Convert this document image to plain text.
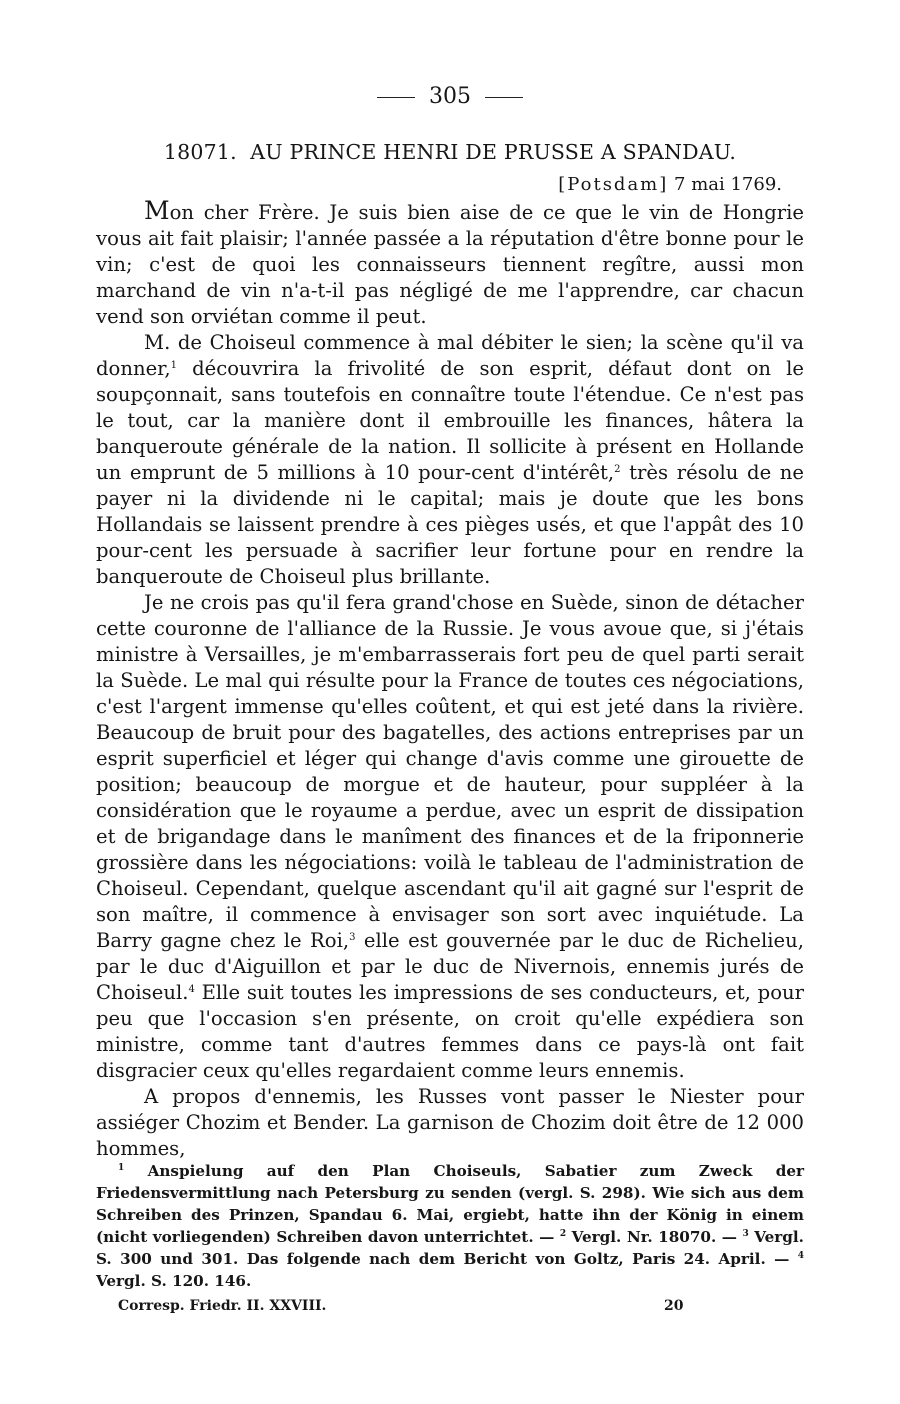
305
18071. AU PRINCE HENRI DE PRUSSE A SPANDAU.
[Potsdam] 7 mai 1769.

Mon cher Frère. Je suis bien aise de ce que le vin de Hongrie vous ait fait plaisir; l'année passée a la réputation d'être bonne pour le vin; c'est de quoi les connaisseurs tiennent regître, aussi mon marchand de vin n'a-t-il pas négligé de me l'apprendre, car chacun vend son orviétan comme il peut.

M. de Choiseul commence à mal débiter le sien; la scène qu'il va donner,$^1$ découvrira la frivolité de son esprit, défaut dont on le soupçonnait, sans toutefois en connaître toute l'étendue. Ce n'est pas le tout, car la manière dont il embrouille les finances, hâtera la banqueroute générale de la nation. Il sollicite à présent en Hollande un emprunt de 5 millions à 10 pour-cent d'intérêt,$^2$ très résolu de ne payer ni la dividende ni le capital; mais je doute que les bons Hollandais se laissent prendre à ces pièges usés, et que l'appât des 10 pour-cent les persuade à sacrifier leur fortune pour en rendre la banqueroute de Choiseul plus brillante.

Je ne crois pas qu'il fera grand'chose en Suède, sinon de détacher cette couronne de l'alliance de la Russie. Je vous avoue que, si j'étais ministre à Versailles, je m'embarrasserais fort peu de quel parti serait la Suède. Le mal qui résulte pour la France de toutes ces négociations, c'est l'argent immense qu'elles coûtent, et qui est jeté dans la rivière. Beaucoup de bruit pour des bagatelles, des actions entreprises par un esprit superficiel et léger qui change d'avis comme une girouette de position; beaucoup de morgue et de hauteur, pour suppléer à la considération que le royaume a perdue, avec un esprit de dissipation et de brigandage dans le manîment des finances et de la friponnerie grossière dans les négociations: voilà le tableau de l'administration de Choiseul. Cependant, quelque ascendant qu'il ait gagné sur l'esprit de son maître, il commence à envisager son sort avec inquiétude. La Barry gagne chez le Roi,$^3$ elle est gouvernée par le duc de Richelieu, par le duc d'Aiguillon et par le duc de Nivernois, ennemis jurés de Choiseul.$^4$ Elle suit toutes les impressions de ses conducteurs, et, pour peu que l'occasion s'en présente, on croit qu'elle expédiera son ministre, comme tant d'autres femmes dans ce pays-là ont fait disgracier ceux qu'elles regardaient comme leurs ennemis.

A propos d'ennemis, les Russes vont passer le Niester pour assiéger Chozim et Bender. La garnison de Chozim doit être de 12 000 hommes,

$^1$ Anspielung auf den Plan Choiseuls, Sabatier zum Zweck der Friedensvermittlung nach Petersburg zu senden (vergl. S. 298). Wie sich aus dem Schreiben des Prinzen, Spandau 6. Mai, ergiebt, hatte ihn der König in einem (nicht vorliegenden) Schreiben davon unterrichtet. — $^2$ Vergl. Nr. 18070. — $^3$ Vergl. S. 300 und 301. Das folgende nach dem Bericht von Goltz, Paris 24. April. — $^4$ Vergl. S. 120. 146.

Corresp. Friedr. II. XXVIII.	20
